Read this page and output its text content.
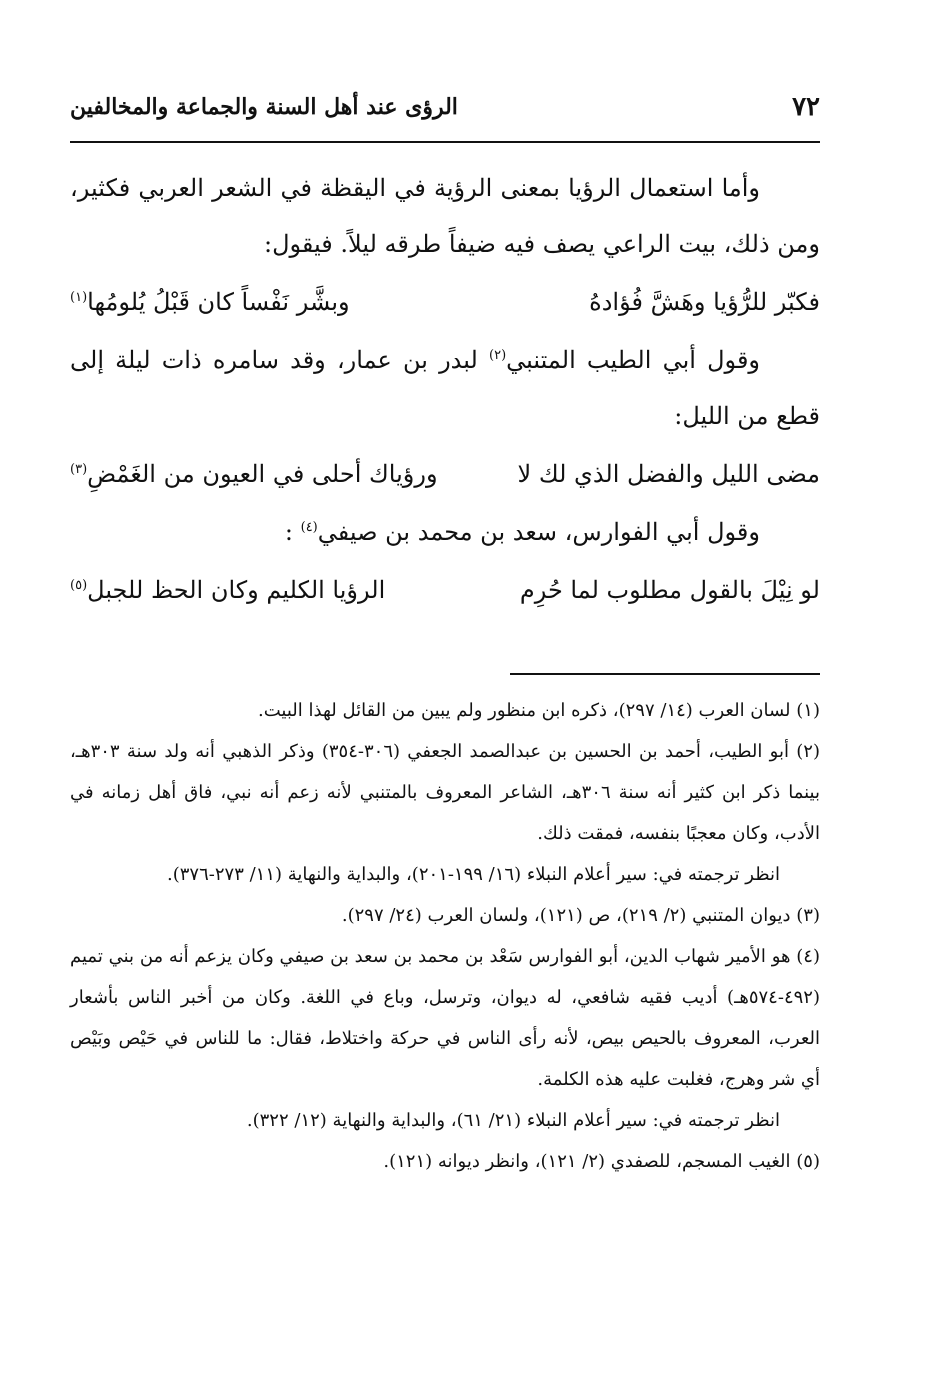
٧٢
الرؤى عند أهل السنة والجماعة والمخالفين

وأما استعمال الرؤيا بمعنى الرؤية في اليقظة في الشعر العربي فكثير، ومن ذلك، بيت الراعي يصف فيه ضيفاً طرقه ليلاً. فيقول:

فكبّر للرُّؤيا وهَشَّ فُؤادهُ
وبشَّر نَفْساً كان قَبْلُ يُلومُها$^{(١)}$

وقول أبي الطيب المتنبي$^{(٢)}$ لبدر بن عمار، وقد سامره ذات ليلة إلى قطع من الليل:

مضى الليل والفضل الذي لك لا
ورؤياك أحلى في العيون من الغَمْضِ$^{(٣)}$

وقول أبي الفوارس، سعد بن محمد بن صيفي$^{(٤)}$ :

لو نِيْلَ بالقول مطلوب لما حُرِم
الرؤيا الكليم وكان الحظ للجبل$^{(٥)}$

(١) لسان العرب (١٤/ ٢٩٧)، ذكره ابن منظور ولم يبين من القائل لهذا البيت.

(٢) أبو الطيب، أحمد بن الحسين بن عبدالصمد الجعفي (٣٠٦-٣٥٤) وذكر الذهبي أنه ولد سنة ٣٠٣هـ، بينما ذكر ابن كثير أنه سنة ٣٠٦هـ، الشاعر المعروف بالمتنبي لأنه زعم أنه نبي، فاق أهل زمانه في الأدب، وكان معجبًا بنفسه، فمقت ذلك.

انظر ترجمته في: سير أعلام النبلاء (١٦/ ١٩٩-٢٠١)، والبداية والنهاية (١١/ ٢٧٣-٣٧٦).

(٣) ديوان المتنبي (٢/ ٢١٩)، ص (١٢١)، ولسان العرب (٢٤/ ٢٩٧).

(٤) هو الأمير شهاب الدين، أبو الفوارس سَعْد بن محمد بن سعد بن صيفي وكان يزعم أنه من بني تميم (٤٩٢-٥٧٤هـ) أديب فقيه شافعي، له ديوان، وترسل، وباع في اللغة. وكان من أخبر الناس بأشعار العرب، المعروف بالحيص بيص، لأنه رأى الناس في حركة واختلاط، فقال: ما للناس في حَيْص وبَيْص أي شر وهرج، فغلبت عليه هذه الكلمة.

انظر ترجمته في: سير أعلام النبلاء (٢١/ ٦١)، والبداية والنهاية (١٢/ ٣٢٢).

(٥) الغيب المسجم، للصفدي (٢/ ١٢١)، وانظر ديوانه (١٢١).
